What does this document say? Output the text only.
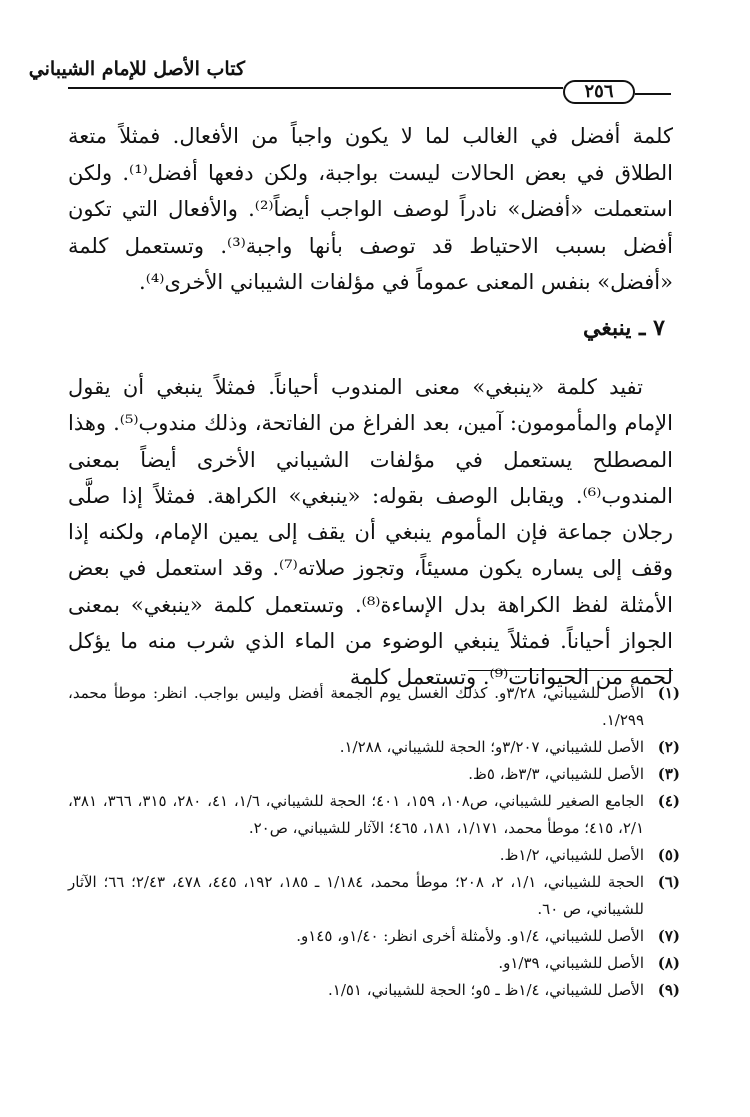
كتاب الأصل للإمام الشيباني
٢٥٦

كلمة أفضل في الغالب لما لا يكون واجباً من الأفعال. فمثلاً متعة الطلاق في بعض الحالات ليست بواجبة، ولكن دفعها أفضل⁽¹⁾. ولكن استعملت «أفضل» نادراً لوصف الواجب أيضاً⁽²⁾. والأفعال التي تكون أفضل بسبب الاحتياط قد توصف بأنها واجبة⁽³⁾. وتستعمل كلمة «أفضل» بنفس المعنى عموماً في مؤلفات الشيباني الأخرى⁽⁴⁾.

٧ ـ ينبغي

تفيد كلمة «ينبغي» معنى المندوب أحياناً. فمثلاً ينبغي أن يقول الإمام والمأمومون: آمين، بعد الفراغ من الفاتحة، وذلك مندوب⁽⁵⁾. وهذا المصطلح يستعمل في مؤلفات الشيباني الأخرى أيضاً بمعنى المندوب⁽⁶⁾. ويقابل الوصف بقوله: «ينبغي» الكراهة. فمثلاً إذا صلَّى رجلان جماعة فإن المأموم ينبغي أن يقف إلى يمين الإمام، ولكنه إذا وقف إلى يساره يكون مسيئاً، وتجوز صلاته⁽⁷⁾. وقد استعمل في بعض الأمثلة لفظ الكراهة بدل الإساءة⁽⁸⁾. وتستعمل كلمة «ينبغي» بمعنى الجواز أحياناً. فمثلاً ينبغي الوضوء من الماء الذي شرب منه ما يؤكل لحمه من الحيوانات⁽⁹⁾. وتستعمل كلمة

(١)
الأصل للشيباني، ٣/٢٨و. كذلك الغسل يوم الجمعة أفضل وليس بواجب. انظر: موطأ محمد، ١/٢٩٩.
(٢)
الأصل للشيباني، ٣/٢٠٧و؛ الحجة للشيباني، ١/٢٨٨.
(٣)
الأصل للشيباني، ٣/٣ظ، ٥ظ.
(٤)
الجامع الصغير للشيباني، ص١٠٨، ١٥٩، ٤٠١؛ الحجة للشيباني، ١/٦، ٤١، ٢٨٠، ٣١٥، ٣٦٦، ٣٨١، ٢/١، ٤١٥؛ موطأ محمد، ١/١٧١، ١٨١، ٤٦٥؛ الآثار للشيباني، ص٢٠.
(٥)
الأصل للشيباني، ١/٢ظ.
(٦)
الحجة للشيباني، ١/١، ٢، ٢٠٨؛ موطأ محمد، ١/١٨٤ ـ ١٨٥، ١٩٢، ٤٤٥، ٤٧٨، ٢/٤٣؛ ٦٦؛ الآثار للشيباني، ص ٦٠.
(٧)
الأصل للشيباني، ١/٤و. ولأمثلة أخرى انظر: ١/٤٠و، ١٤٥و.
(٨)
الأصل للشيباني، ١/٣٩و.
(٩)
الأصل للشيباني، ١/٤ظ ـ ٥و؛ الحجة للشيباني، ١/٥١.
